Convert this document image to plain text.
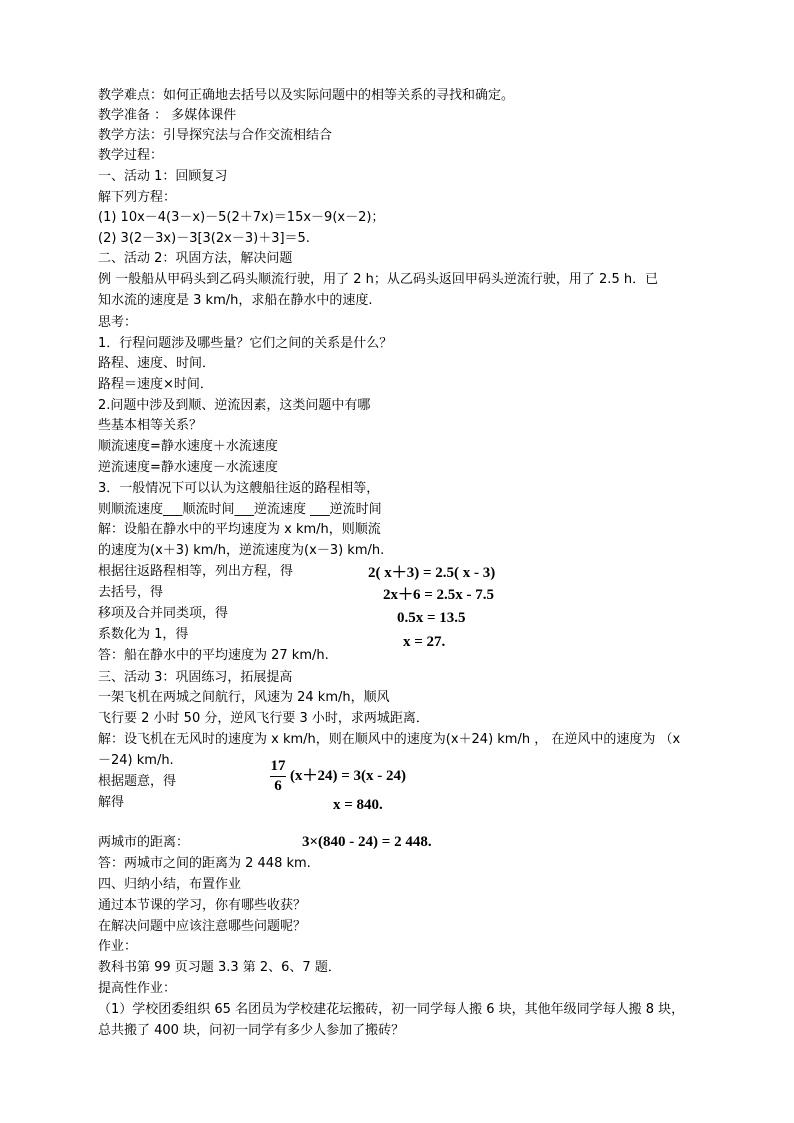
教学难点：如何正确地去括号以及实际问题中的相等关系的寻找和确定。
教学准备 ： 多媒体课件
教学方法：引导探究法与合作交流相结合
教学过程：
一、活动 1：回顾复习
解下列方程：
(1) 10x－4(3－x)－5(2＋7x)＝15x－9(x－2)；
(2) 3(2－3x)－3[3(2x－3)＋3]＝5.
二、活动 2：巩固方法，解决问题
例 一般船从甲码头到乙码头顺流行驶，用了 2 h；从乙码头返回甲码头逆流行驶，用了 2.5 h．已
知水流的速度是 3 km/h，求船在静水中的速度.
思考：
1．行程问题涉及哪些量？它们之间的关系是什么？
路程、速度、时间．
路程＝速度×时间．
2.问题中涉及到顺、逆流因素，这类问题中有哪
些基本相等关系？
顺流速度=静水速度＋水流速度
逆流速度=静水速度－水流速度
3．一般情况下可以认为这艘船往返的路程相等，
则顺流速度___顺流时间___逆流速度 ___逆流时间
解：设船在静水中的平均速度为 x km/h，则顺流
的速度为(x＋3) km/h，逆流速度为(x－3) km/h.
根据往返路程相等，列出方程，得
去括号，得
移项及合并同类项，得
系数化为 1，得
答：船在静水中的平均速度为 27 km/h.
三、活动 3：巩固练习，拓展提高
一架飞机在两城之间航行，风速为 24 km/h，顺风
飞行要 2 小时 50 分，逆风飞行要 3 小时，求两城距离．
解：设飞机在无风时的速度为 x km/h，则在顺风中的速度为(x＋24) km/h ， 在逆风中的速度为 （x
－24) km/h.
根据题意，得
解得
两城市的距离：
答：两城市之间的距离为 2 448 km.
四、归纳小结，布置作业
通过本节课的学习，你有哪些收获？
在解决问题中应该注意哪些问题呢？
作业：
教科书第 99 页习题 3.3 第 2、6、7 题．
提高性作业：
（1）学校团委组织 65 名团员为学校建花坛搬砖，初一同学每人搬 6 块，其他年级同学每人搬 8 块，
总共搬了 400 块，问初一同学有多少人参加了搬砖？
2( x＋3) = 2.5( x - 3)
2x＋6 = 2.5x - 7.5
0.5x = 13.5
x = 27.
17
6
(x＋24) = 3(x - 24)
x = 840.
3×(840 - 24) = 2 448.
